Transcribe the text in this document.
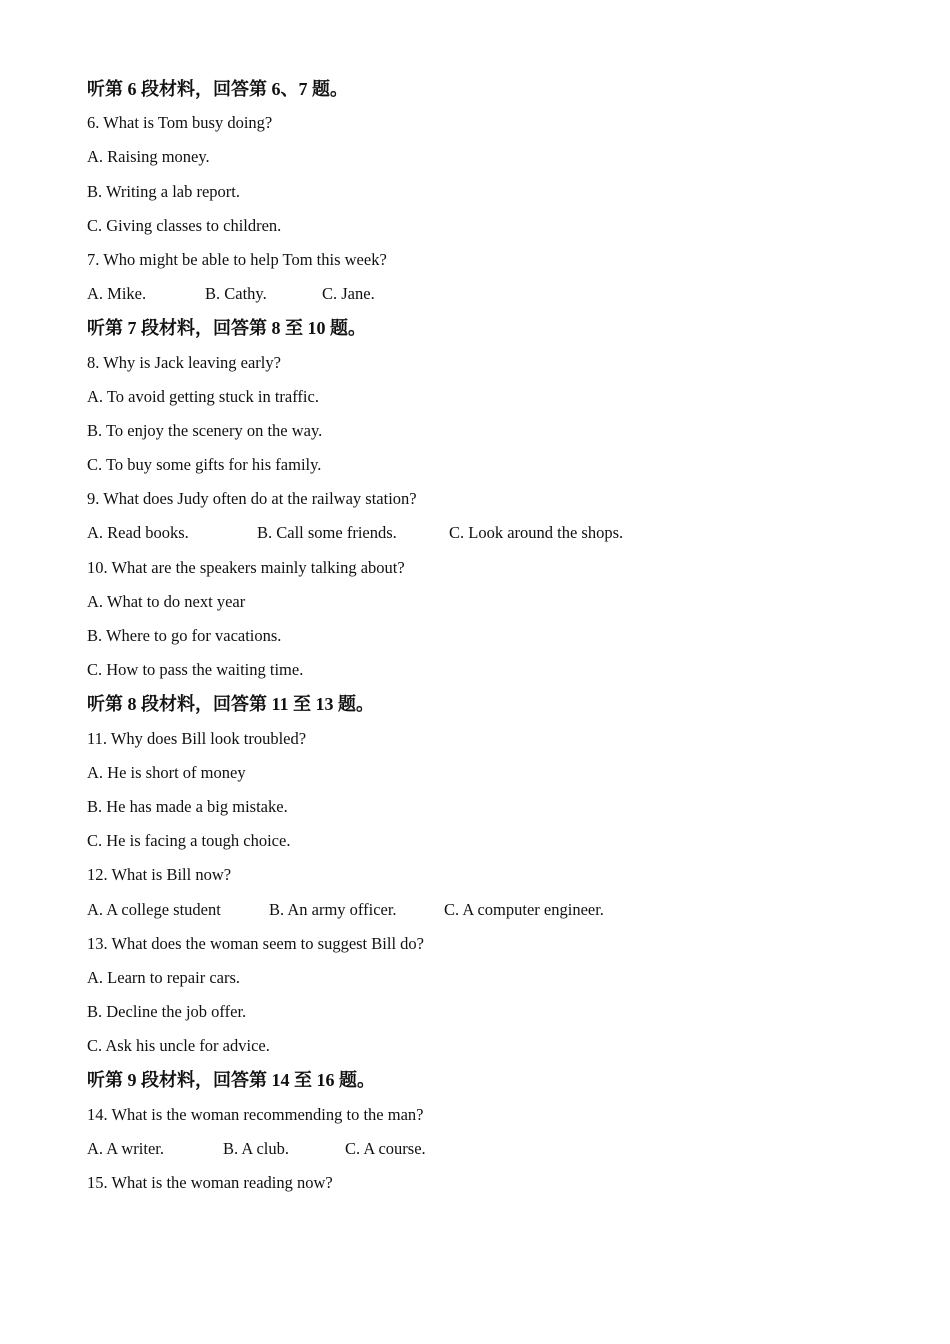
听第 6 段材料，回答第 6、7 题。
6. What is Tom busy doing?
A. Raising money.
B. Writing a lab report.
C. Giving classes to children.
7. Who might be able to help Tom this week?
A. Mike.	B. Cathy.	C. Jane.
听第 7 段材料，回答第 8 至 10 题。
8. Why is Jack leaving early?
A. To avoid getting stuck in traffic.
B. To enjoy the scenery on the way.
C. To buy some gifts for his family.
9. What does Judy often do at the railway station?
A. Read books.	B. Call some friends.	C. Look around the shops.
10. What are the speakers mainly talking about?
A. What to do next year
B. Where to go for vacations.
C. How to pass the waiting time.
听第 8 段材料，回答第 11 至 13 题。
11. Why does Bill look troubled?
A. He is short of money
B. He has made a big mistake.
C. He is facing a tough choice.
12. What is Bill now?
A. A college student	B. An army officer.	C. A computer engineer.
13. What does the woman seem to suggest Bill do?
A. Learn to repair cars.
B. Decline the job offer.
C. Ask his uncle for advice.
听第 9 段材料，回答第 14 至 16 题。
14. What is the woman recommending to the man?
A. A writer.	B. A club.	C. A course.
15. What is the woman reading now?
